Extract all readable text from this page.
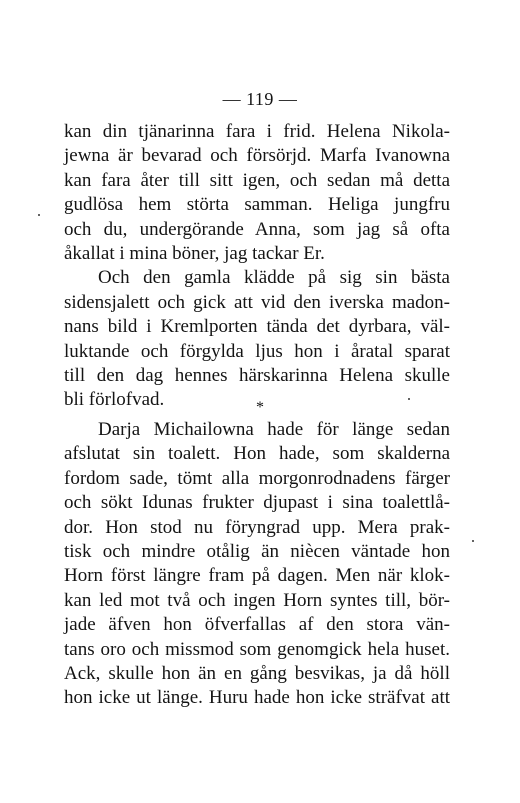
— 119 —
kan din tjänarinna fara i frid. Helena Nikola-
jewna är bevarad och försörjd. Marfa Ivanowna
kan fara åter till sitt igen, och sedan må detta
gudlösa hem störta samman. Heliga jungfru
och du, undergörande Anna, som jag så ofta
åkallat i mina böner, jag tackar Er.
Och den gamla klädde på sig sin bästa
sidensjalett och gick att vid den iverska madon-
nans bild i Kremlporten tända det dyrbara, väl-
luktande och förgylda ljus hon i åratal sparat
till den dag hennes härskarinna Helena skulle
bli förlofvad.	*
Darja Michailowna hade för länge sedan
afslutat sin toalett. Hon hade, som skalderna
fordom sade, tömt alla morgonrodnadens färger
och sökt Idunas frukter djupast i sina toalettlå-
dor. Hon stod nu föryngrad upp. Mera prak-
tisk och mindre otålig än niècen väntade hon
Horn först längre fram på dagen. Men när klok-
kan led mot två och ingen Horn syntes till, bör-
jade äfven hon öfverfallas af den stora vän-
tans oro och missmod som genomgick hela huset.
Ack, skulle hon än en gång besvikas, ja då höll
hon icke ut länge. Huru hade hon icke sträfvat att
